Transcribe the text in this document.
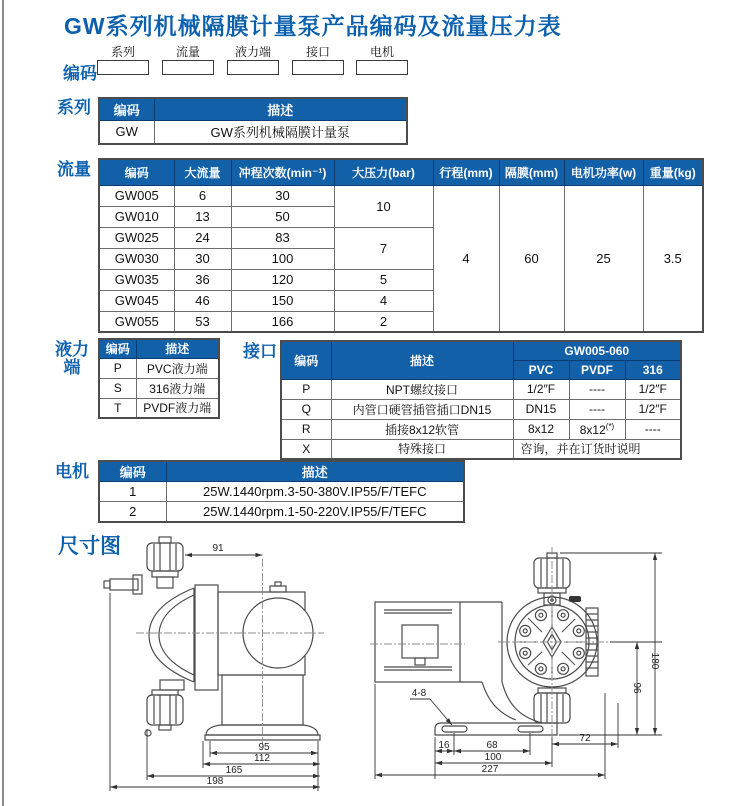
GW系列机械隔膜计量泵产品编码及流量压力表
编码
系列	流量	液力端	接口	电机
系列 编码	描述
GW	GW系列机械隔膜计量泵
流量	编码	大流量	冲程次数(min⁻¹)	大压力(bar)	行程(mm)	隔膜(mm)	电机功率(w)	重量(kg)
GW005	6	30	10	4	60	25	3.5
GW010	13	50					
GW025	24	83	7				
GW030	30	100					
GW035	36	120	5				
GW045	46	150	4				
GW055	53	166	2				
液力
端
编码	描述
P	PVC液力端
S	316液力端
T	PVDF液力端
接口 编码	描述	GW005-060		
		PVC	PVDF	316
P	NPT螺纹接口	1/2″F	----	1/2″F
Q	内管口硬管插管插口DN15	DN15	----	1/2″F
R	插接8x12软管	8x12	8x12(*)	----
X	特殊接口	咨询，并在订货时说明		
电机 编码	描述
1	25W.1440rpm.3-50-380V.IP55/F/TEFC
2	25W.1440rpm.1-50-220V.IP55/F/TEFC
尺寸图	91
95
112
165
198
4-8
72
16	68
100
227
96
180
